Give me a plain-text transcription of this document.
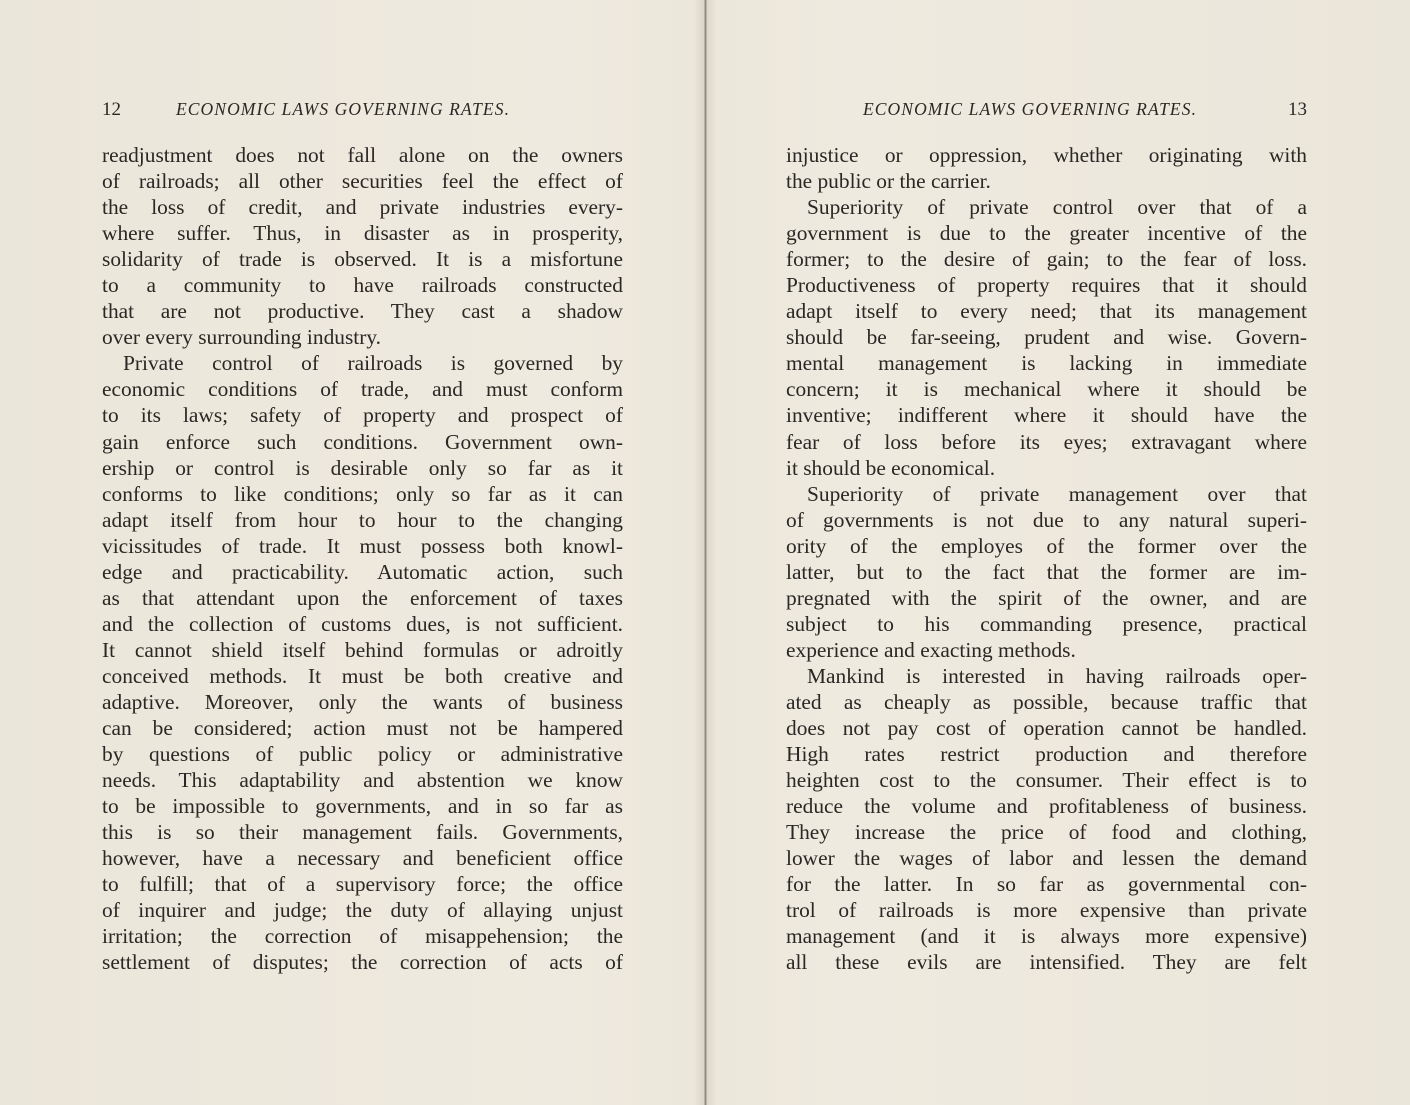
12	ECONOMIC LAWS GOVERNING RATES.
readjustment does not fall alone on the owners
of railroads; all other securities feel the effect of
the loss of credit, and private industries every-
where suffer. Thus, in disaster as in prosperity,
solidarity of trade is observed. It is a misfortune
to a community to have railroads constructed
that are not productive. They cast a shadow
over every surrounding industry.
Private control of railroads is governed by
economic conditions of trade, and must conform
to its laws; safety of property and prospect of
gain enforce such conditions. Government own-
ership or control is desirable only so far as it
conforms to like conditions; only so far as it can
adapt itself from hour to hour to the changing
vicissitudes of trade. It must possess both knowl-
edge and practicability. Automatic action, such
as that attendant upon the enforcement of taxes
and the collection of customs dues, is not sufficient.
It cannot shield itself behind formulas or adroitly
conceived methods. It must be both creative and
adaptive. Moreover, only the wants of business
can be considered; action must not be hampered
by questions of public policy or administrative
needs. This adaptability and abstention we know
to be impossible to governments, and in so far as
this is so their management fails. Governments,
however, have a necessary and beneficient office
to fulfill; that of a supervisory force; the office
of inquirer and judge; the duty of allaying unjust
irritation; the correction of misappehension; the
settlement of disputes; the correction of acts of
ECONOMIC LAWS GOVERNING RATES.	13
injustice or oppression, whether originating with
the public or the carrier.
Superiority of private control over that of a
government is due to the greater incentive of the
former; to the desire of gain; to the fear of loss.
Productiveness of property requires that it should
adapt itself to every need; that its management
should be far-seeing, prudent and wise. Govern-
mental management is lacking in immediate
concern; it is mechanical where it should be
inventive; indifferent where it should have the
fear of loss before its eyes; extravagant where
it should be economical.
Superiority of private management over that
of governments is not due to any natural superi-
ority of the employes of the former over the
latter, but to the fact that the former are im-
pregnated with the spirit of the owner, and are
subject to his commanding presence, practical
experience and exacting methods.
Mankind is interested in having railroads oper-
ated as cheaply as possible, because traffic that
does not pay cost of operation cannot be handled.
High rates restrict production and therefore
heighten cost to the consumer. Their effect is to
reduce the volume and profitableness of business.
They increase the price of food and clothing,
lower the wages of labor and lessen the demand
for the latter. In so far as governmental con-
trol of railroads is more expensive than private
management (and it is always more expensive)
all these evils are intensified. They are felt
